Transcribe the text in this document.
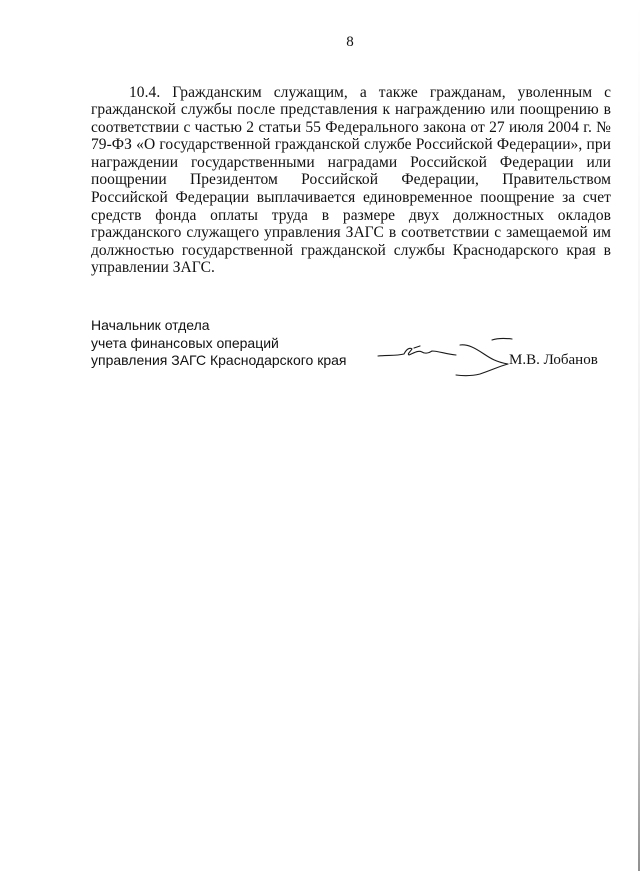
8

10.4. Гражданским служащим, а также гражданам, уволенным с гражданской службы после представления к награждению или поощрению в соответствии с частью 2 статьи 55 Федерального закона от 27 июля 2004 г. № 79-ФЗ «О государственной гражданской службе Российской Федерации», при награждении государственными наградами Российской Федерации или поощрении Президентом Российской Федерации, Правительством Российской Федерации выплачивается единовременное поощрение за счет средств фонда оплаты труда в размере двух должностных окладов гражданского служащего управления ЗАГС в соответствии с замещаемой им должностью государственной гражданской службы Краснодарского края в управлении ЗАГС.

Начальник отдела
учета финансовых операций
управления ЗАГС Краснодарского края	М.В. Лобанов
